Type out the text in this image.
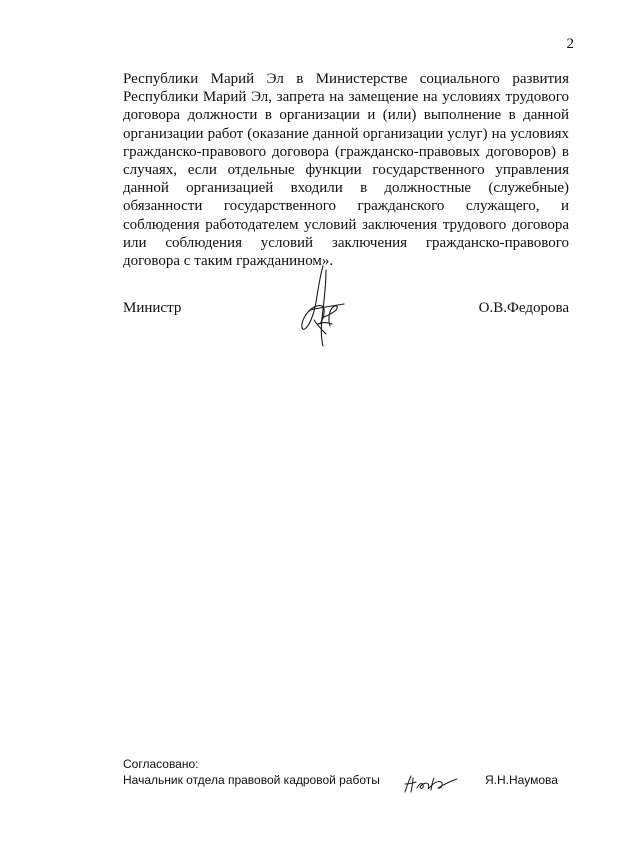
2

Республики Марий Эл в Министерстве социального развития Республики Марий Эл, запрета на замещение на условиях трудового договора должности в организации и (или) выполнение в данной организации работ (оказание данной организации услуг) на условиях гражданско-правового договора (гражданско-правовых договоров) в случаях, если отдельные функции государственного управления данной организацией входили в должностные (служебные) обязанности государственного гражданского служащего, и соблюдения работодателем условий заключения трудового договора или соблюдения условий заключения гражданско-правового договора с таким гражданином».

Министр	О.В.Федорова
Согласовано:
Начальник отдела правовой кадровой работы	Я.Н.Наумова
